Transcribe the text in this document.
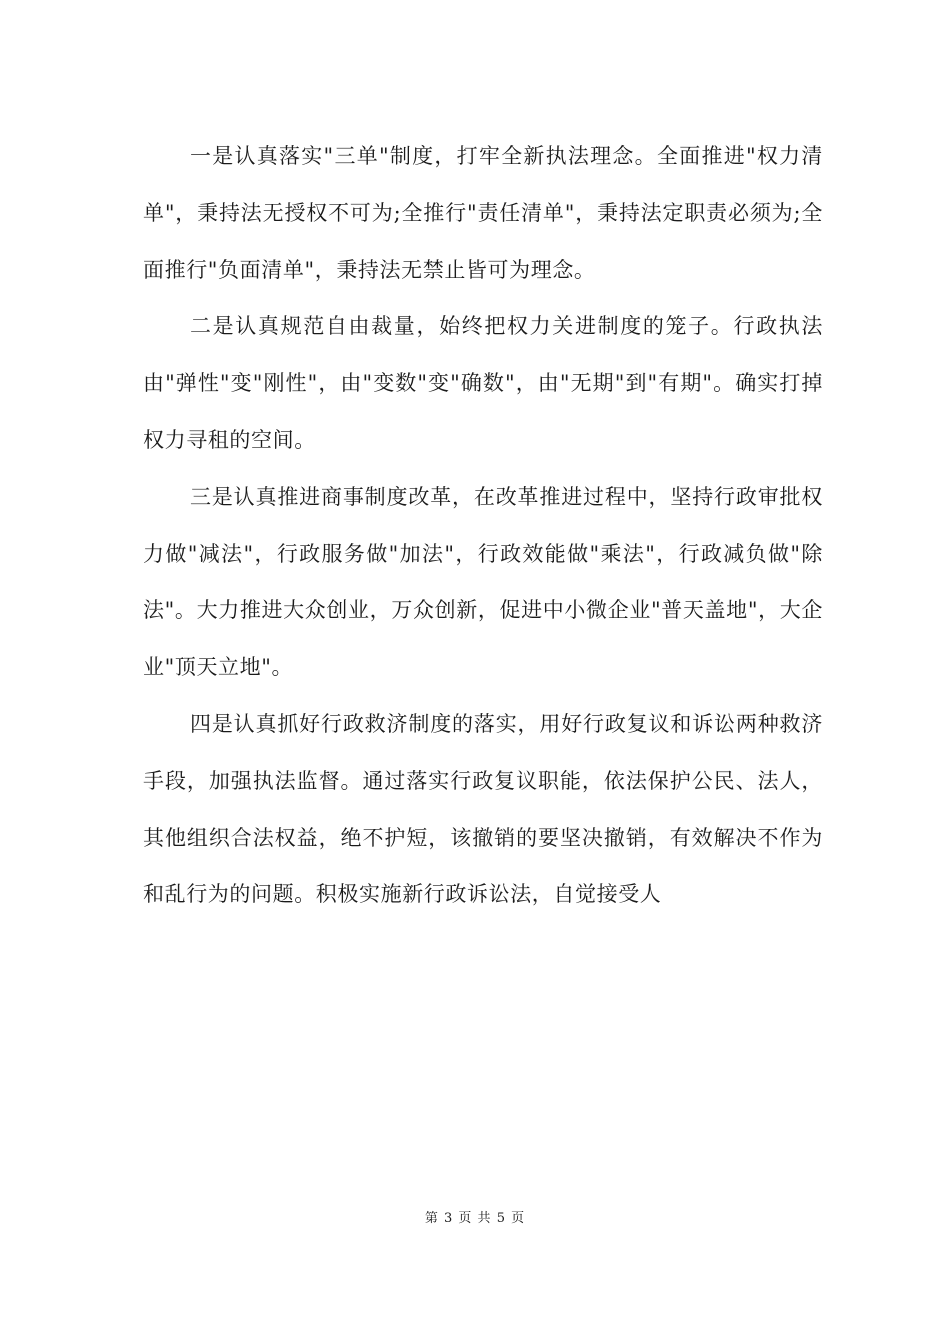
一是认真落实"三单"制度，打牢全新执法理念。全面推进"权力清单"，秉持法无授权不可为;全推行"责任清单"，秉持法定职责必须为;全面推行"负面清单"，秉持法无禁止皆可为理念。

二是认真规范自由裁量，始终把权力关进制度的笼子。行政执法由"弹性"变"刚性"，由"变数"变"确数"，由"无期"到"有期"。确实打掉权力寻租的空间。

三是认真推进商事制度改革，在改革推进过程中，坚持行政审批权力做"减法"，行政服务做"加法"，行政效能做"乘法"，行政减负做"除法"。大力推进大众创业，万众创新，促进中小微企业"普天盖地"，大企业"顶天立地"。

四是认真抓好行政救济制度的落实，用好行政复议和诉讼两种救济手段，加强执法监督。通过落实行政复议职能，依法保护公民、法人，其他组织合法权益，绝不护短，该撤销的要坚决撤销，有效解决不作为和乱行为的问题。积极实施新行政诉讼法，自觉接受人

第 3 页 共 5 页
